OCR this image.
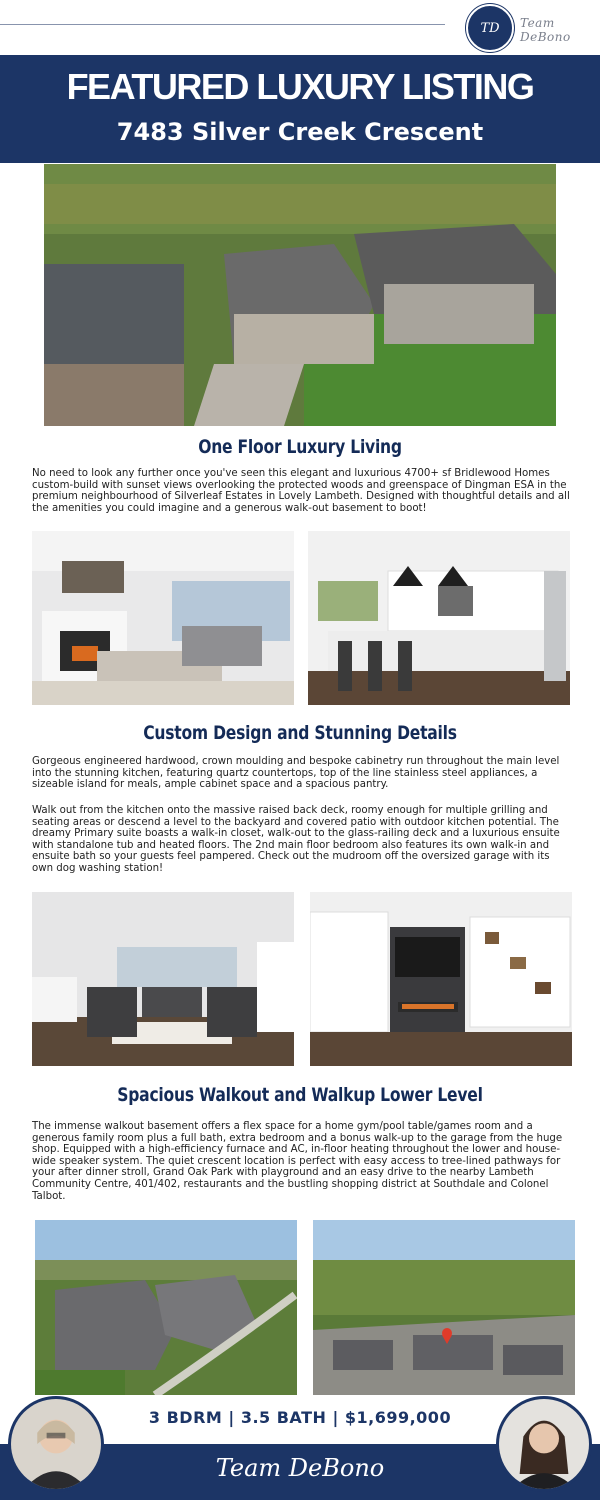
TD Team DeBono
FEATURED LUXURY LISTING
7483 Silver Creek Crescent
One Floor Luxury Living
No need to look any further once you've seen this elegant and luxurious 4700+ sf Bridlewood Homes custom-build with sunset views overlooking the protected woods and greenspace of Dingman ESA in the premium neighbourhood of Silverleaf Estates in Lovely Lambeth. Designed with thoughtful details and all the amenities you could imagine and a generous walk-out basement to boot!
Custom Design and Stunning Details
Gorgeous engineered hardwood, crown moulding and bespoke cabinetry run throughout the main level into the stunning kitchen, featuring quartz countertops, top of the line stainless steel appliances, a sizeable island for meals, ample cabinet space and a spacious pantry.
Walk out from the kitchen onto the massive raised back deck, roomy enough for multiple grilling and seating areas or descend a level to the backyard and covered patio with outdoor kitchen potential. The dreamy Primary suite boasts a walk-in closet, walk-out to the glass-railing deck and a luxurious ensuite with standalone tub and heated floors. The 2nd main floor bedroom also features its own walk-in and ensuite bath so your guests feel pampered. Check out the mudroom off the oversized garage with its own dog washing station!
Spacious Walkout and Walkup Lower Level
The immense walkout basement offers a flex space for a home gym/pool table/games room and a generous family room plus a full bath, extra bedroom and a bonus walk-up to the garage from the huge shop. Equipped with a high-efficiency furnace and AC, in-floor heating throughout the lower and house-wide speaker system. The quiet crescent location is perfect with easy access to tree-lined pathways for your after dinner stroll, Grand Oak Park with playground and an easy drive to the nearby Lambeth Community Centre, 401/402, restaurants and the bustling shopping district at Southdale and Colonel Talbot.
3 BDRM | 3.5 BATH | $1,699,000
Team DeBono
